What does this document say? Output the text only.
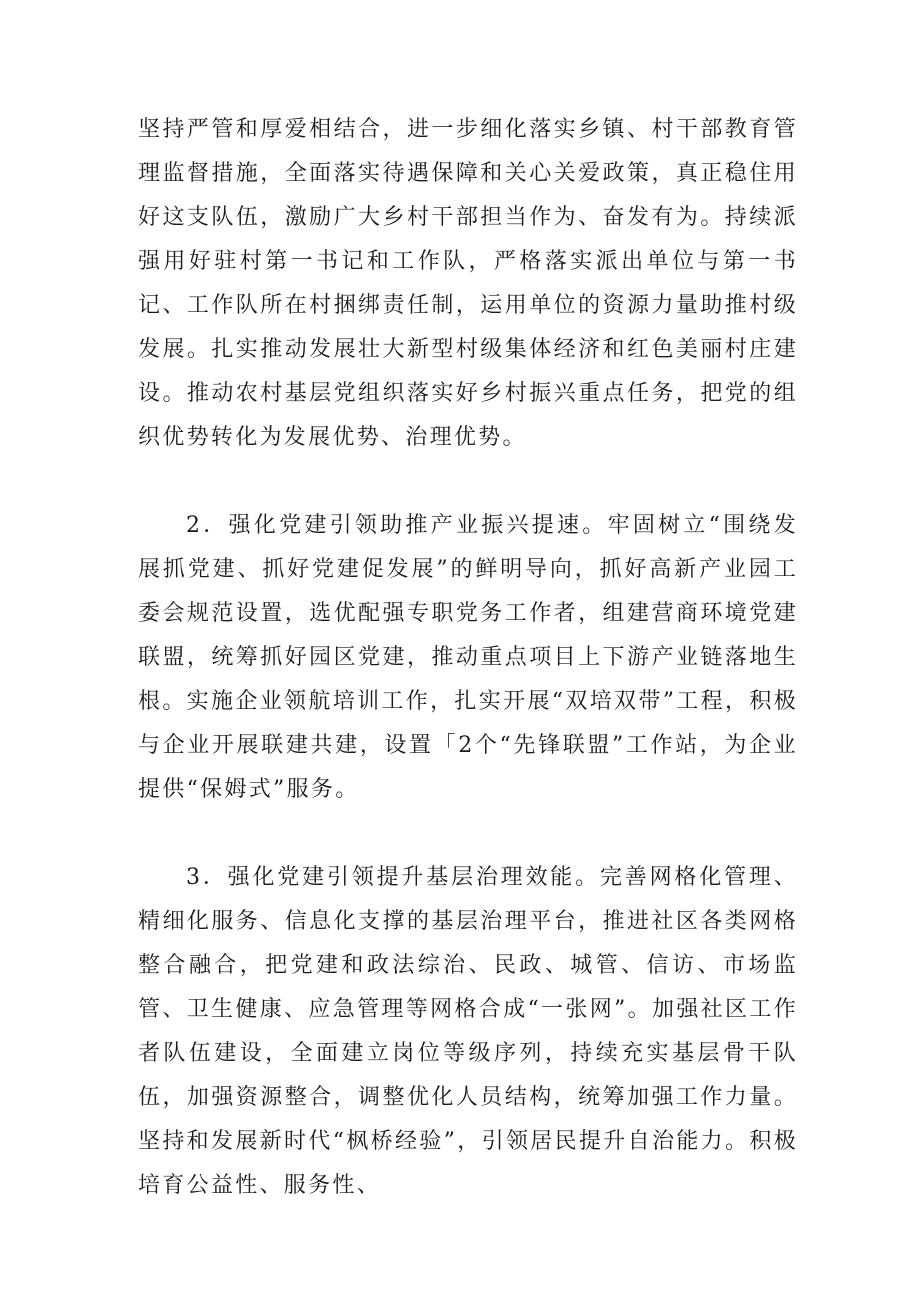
坚持严管和厚爱相结合，进一步细化落实乡镇、村干部教育管理监督措施，全面落实待遇保障和关心关爱政策，真正稳住用好这支队伍，激励广大乡村干部担当作为、奋发有为。持续派强用好驻村第一书记和工作队，严格落实派出单位与第一书记、工作队所在村捆绑责任制，运用单位的资源力量助推村级发展。扎实推动发展壮大新型村级集体经济和红色美丽村庄建设。推动农村基层党组织落实好乡村振兴重点任务，把党的组织优势转化为发展优势、治理优势。

2．强化党建引领助推产业振兴提速。牢固树立“围绕发展抓党建、抓好党建促发展”的鲜明导向，抓好高新产业园工委会规范设置，选优配强专职党务工作者，组建营商环境党建联盟，统筹抓好园区党建，推动重点项目上下游产业链落地生根。实施企业领航培训工作，扎实开展“双培双带”工程，积极与企业开展联建共建，设置「2个“先锋联盟”工作站，为企业提供“保姆式”服务。

3．强化党建引领提升基层治理效能。完善网格化管理、精细化服务、信息化支撑的基层治理平台，推进社区各类网格整合融合，把党建和政法综治、民政、城管、信访、市场监管、卫生健康、应急管理等网格合成“一张网”。加强社区工作者队伍建设，全面建立岗位等级序列，持续充实基层骨干队伍，加强资源整合，调整优化人员结构，统筹加强工作力量。坚持和发展新时代“枫桥经验”，引领居民提升自治能力。积极培育公益性、服务性、
